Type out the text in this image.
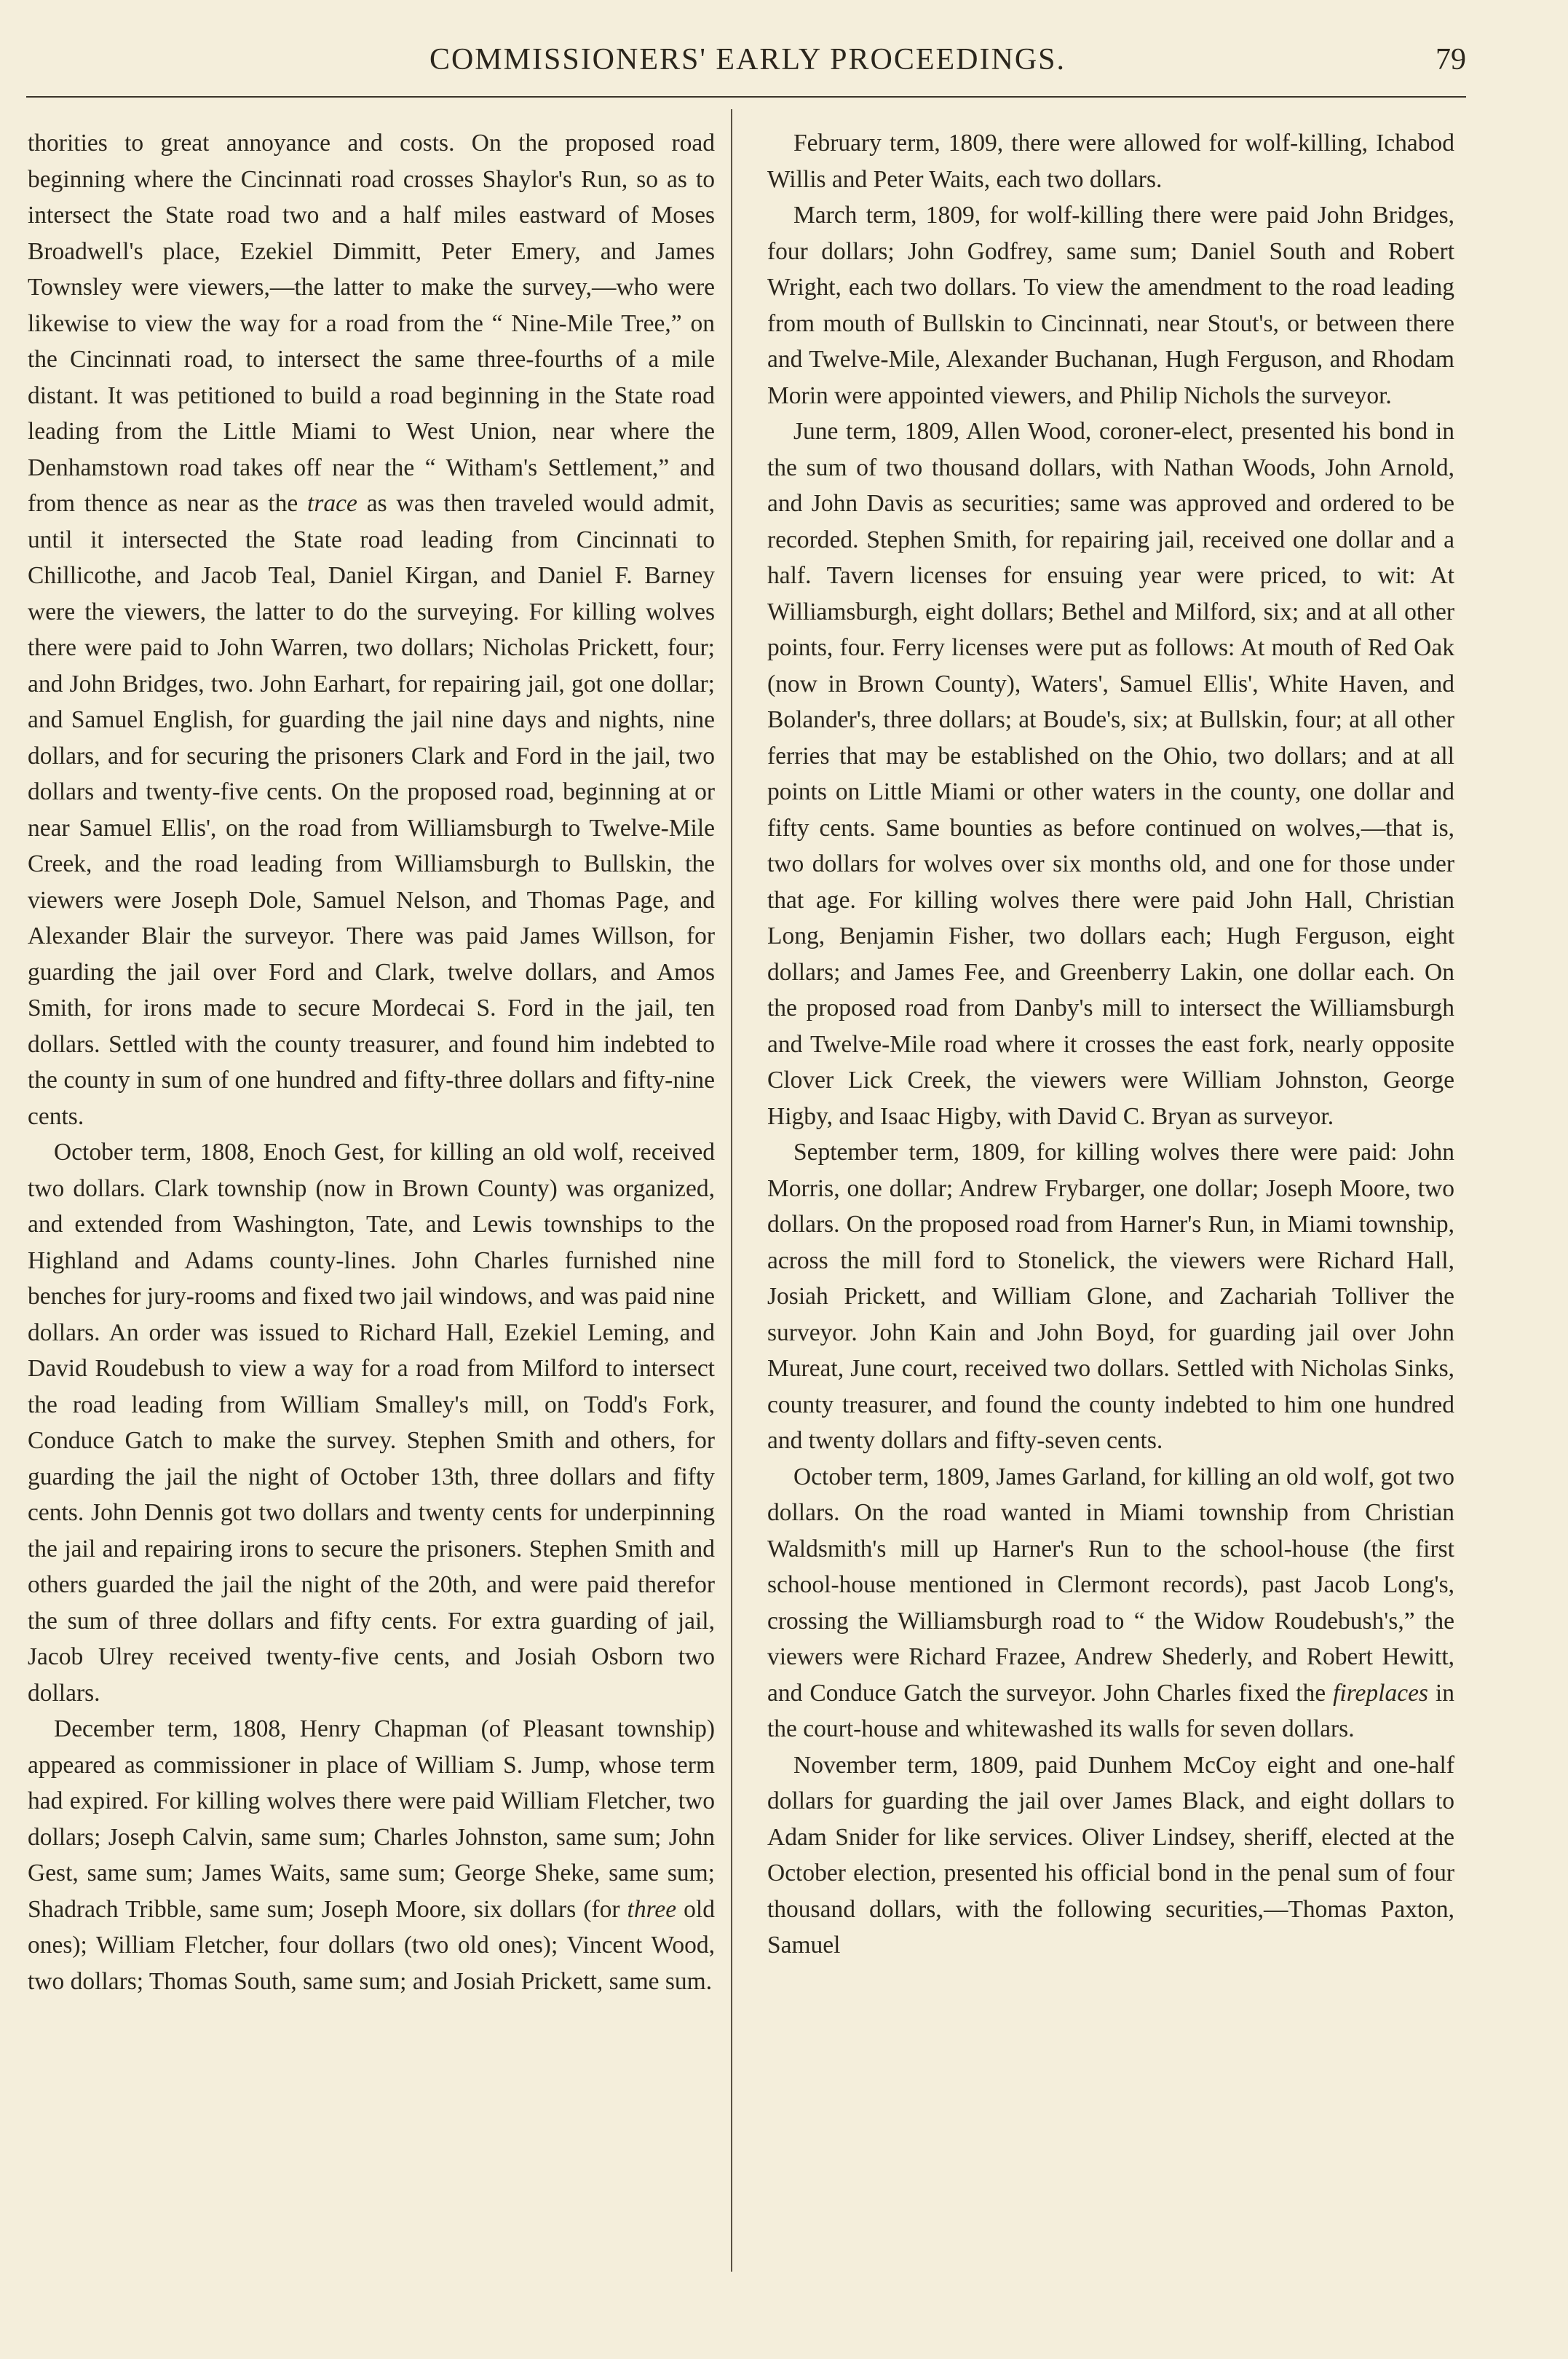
COMMISSIONERS' EARLY PROCEEDINGS.	79

thorities to great annoyance and costs. On the proposed road beginning where the Cincinnati road crosses Shaylor's Run, so as to intersect the State road two and a half miles eastward of Moses Broadwell's place, Ezekiel Dimmitt, Peter Emery, and James Townsley were viewers,—the latter to make the survey,—who were likewise to view the way for a road from the “ Nine-Mile Tree,” on the Cincinnati road, to intersect the same three-fourths of a mile distant. It was petitioned to build a road beginning in the State road leading from the Little Miami to West Union, near where the Denhamstown road takes off near the “ Witham's Settlement,” and from thence as near as the trace as was then traveled would admit, until it intersected the State road leading from Cincinnati to Chillicothe, and Jacob Teal, Daniel Kirgan, and Daniel F. Barney were the viewers, the latter to do the surveying. For killing wolves there were paid to John Warren, two dollars; Nicholas Prickett, four; and John Bridges, two. John Earhart, for repairing jail, got one dollar; and Samuel English, for guarding the jail nine days and nights, nine dollars, and for securing the prisoners Clark and Ford in the jail, two dollars and twenty-five cents. On the proposed road, beginning at or near Samuel Ellis', on the road from Williamsburgh to Twelve-Mile Creek, and the road leading from Williamsburgh to Bullskin, the viewers were Joseph Dole, Samuel Nelson, and Thomas Page, and Alexander Blair the surveyor. There was paid James Willson, for guarding the jail over Ford and Clark, twelve dollars, and Amos Smith, for irons made to secure Mordecai S. Ford in the jail, ten dollars. Settled with the county treasurer, and found him indebted to the county in sum of one hundred and fifty-three dollars and fifty-nine cents.

October term, 1808, Enoch Gest, for killing an old wolf, received two dollars. Clark township (now in Brown County) was organized, and extended from Washington, Tate, and Lewis townships to the Highland and Adams county-lines. John Charles furnished nine benches for jury-rooms and fixed two jail windows, and was paid nine dollars. An order was issued to Richard Hall, Ezekiel Leming, and David Roudebush to view a way for a road from Milford to intersect the road leading from William Smalley's mill, on Todd's Fork, Conduce Gatch to make the survey. Stephen Smith and others, for guarding the jail the night of October 13th, three dollars and fifty cents. John Dennis got two dollars and twenty cents for underpinning the jail and repairing irons to secure the prisoners. Stephen Smith and others guarded the jail the night of the 20th, and were paid therefor the sum of three dollars and fifty cents. For extra guarding of jail, Jacob Ulrey received twenty-five cents, and Josiah Osborn two dollars.

December term, 1808, Henry Chapman (of Pleasant township) appeared as commissioner in place of William S. Jump, whose term had expired. For killing wolves there were paid William Fletcher, two dollars; Joseph Calvin, same sum; Charles Johnston, same sum; John Gest, same sum; James Waits, same sum; George Sheke, same sum; Shadrach Tribble, same sum; Joseph Moore, six dollars (for three old ones); William Fletcher, four dollars (two old ones); Vincent Wood, two dollars; Thomas South, same sum; and Josiah Prickett, same sum.

February term, 1809, there were allowed for wolf-killing, Ichabod Willis and Peter Waits, each two dollars.

March term, 1809, for wolf-killing there were paid John Bridges, four dollars; John Godfrey, same sum; Daniel South and Robert Wright, each two dollars. To view the amendment to the road leading from mouth of Bullskin to Cincinnati, near Stout's, or between there and Twelve-Mile, Alexander Buchanan, Hugh Ferguson, and Rhodam Morin were appointed viewers, and Philip Nichols the surveyor.

June term, 1809, Allen Wood, coroner-elect, presented his bond in the sum of two thousand dollars, with Nathan Woods, John Arnold, and John Davis as securities; same was approved and ordered to be recorded. Stephen Smith, for repairing jail, received one dollar and a half. Tavern licenses for ensuing year were priced, to wit: At Williamsburgh, eight dollars; Bethel and Milford, six; and at all other points, four. Ferry licenses were put as follows: At mouth of Red Oak (now in Brown County), Waters', Samuel Ellis', White Haven, and Bolander's, three dollars; at Boude's, six; at Bullskin, four; at all other ferries that may be established on the Ohio, two dollars; and at all points on Little Miami or other waters in the county, one dollar and fifty cents. Same bounties as before continued on wolves,—that is, two dollars for wolves over six months old, and one for those under that age. For killing wolves there were paid John Hall, Christian Long, Benjamin Fisher, two dollars each; Hugh Ferguson, eight dollars; and James Fee, and Greenberry Lakin, one dollar each. On the proposed road from Danby's mill to intersect the Williamsburgh and Twelve-Mile road where it crosses the east fork, nearly opposite Clover Lick Creek, the viewers were William Johnston, George Higby, and Isaac Higby, with David C. Bryan as surveyor.

September term, 1809, for killing wolves there were paid: John Morris, one dollar; Andrew Frybarger, one dollar; Joseph Moore, two dollars. On the proposed road from Harner's Run, in Miami township, across the mill ford to Stonelick, the viewers were Richard Hall, Josiah Prickett, and William Glone, and Zachariah Tolliver the surveyor. John Kain and John Boyd, for guarding jail over John Mureat, June court, received two dollars. Settled with Nicholas Sinks, county treasurer, and found the county indebted to him one hundred and twenty dollars and fifty-seven cents.

October term, 1809, James Garland, for killing an old wolf, got two dollars. On the road wanted in Miami township from Christian Waldsmith's mill up Harner's Run to the school-house (the first school-house mentioned in Clermont records), past Jacob Long's, crossing the Williamsburgh road to “ the Widow Roudebush's,” the viewers were Richard Frazee, Andrew Shederly, and Robert Hewitt, and Conduce Gatch the surveyor. John Charles fixed the fireplaces in the court-house and whitewashed its walls for seven dollars.

November term, 1809, paid Dunhem McCoy eight and one-half dollars for guarding the jail over James Black, and eight dollars to Adam Snider for like services. Oliver Lindsey, sheriff, elected at the October election, presented his official bond in the penal sum of four thousand dollars, with the following securities,—Thomas Paxton, Samuel
